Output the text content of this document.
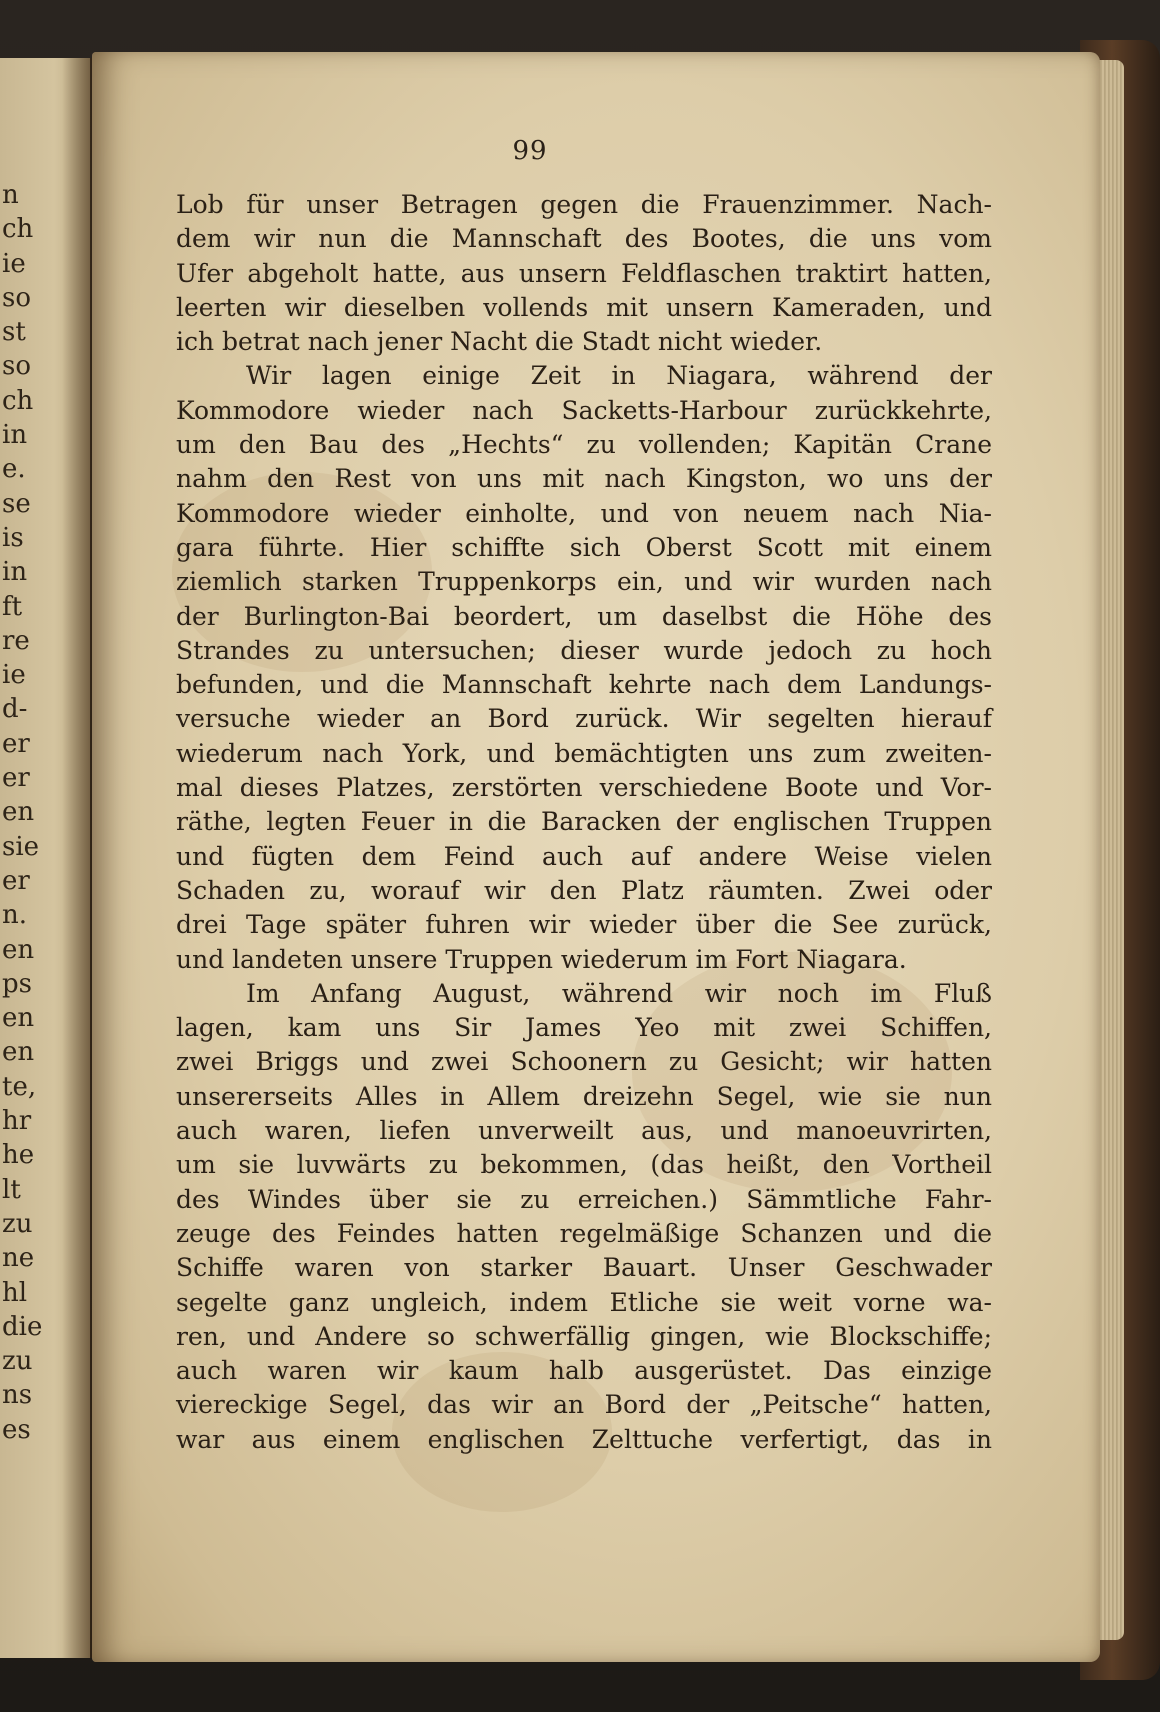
n
ch
ie
so
st
so
ch
in
e.
se
is
in
ft
re
ie
d-
er
er
en
sie
er
n.
en
ps
en
en
te,
hr
he
lt
zu
ne
hl
die
zu
ns
es
99
Lob für unser Betragen gegen die Frauenzimmer. Nach-
dem wir nun die Mannschaft des Bootes, die uns vom
Ufer abgeholt hatte, aus unsern Feldflaschen traktirt hatten,
leerten wir dieselben vollends mit unsern Kameraden, und
ich betrat nach jener Nacht die Stadt nicht wieder.
Wir lagen einige Zeit in Niagara, während der
Kommodore wieder nach Sacketts-Harbour zurückkehrte,
um den Bau des „Hechts“ zu vollenden; Kapitän Crane
nahm den Rest von uns mit nach Kingston, wo uns der
Kommodore wieder einholte, und von neuem nach Nia-
gara führte. Hier schiffte sich Oberst Scott mit einem
ziemlich starken Truppenkorps ein, und wir wurden nach
der Burlington-Bai beordert, um daselbst die Höhe des
Strandes zu untersuchen; dieser wurde jedoch zu hoch
befunden, und die Mannschaft kehrte nach dem Landungs-
versuche wieder an Bord zurück. Wir segelten hierauf
wiederum nach York, und bemächtigten uns zum zweiten-
mal dieses Platzes, zerstörten verschiedene Boote und Vor-
räthe, legten Feuer in die Baracken der englischen Truppen
und fügten dem Feind auch auf andere Weise vielen
Schaden zu, worauf wir den Platz räumten. Zwei oder
drei Tage später fuhren wir wieder über die See zurück,
und landeten unsere Truppen wiederum im Fort Niagara.
Im Anfang August, während wir noch im Fluß
lagen, kam uns Sir James Yeo mit zwei Schiffen,
zwei Briggs und zwei Schoonern zu Gesicht; wir hatten
unsererseits Alles in Allem dreizehn Segel, wie sie nun
auch waren, liefen unverweilt aus, und manoeuvrirten,
um sie luvwärts zu bekommen, (das heißt, den Vortheil
des Windes über sie zu erreichen.) Sämmtliche Fahr-
zeuge des Feindes hatten regelmäßige Schanzen und die
Schiffe waren von starker Bauart. Unser Geschwader
segelte ganz ungleich, indem Etliche sie weit vorne wa-
ren, und Andere so schwerfällig gingen, wie Blockschiffe;
auch waren wir kaum halb ausgerüstet. Das einzige
viereckige Segel, das wir an Bord der „Peitsche“ hatten,
war aus einem englischen Zelttuche verfertigt, das in
